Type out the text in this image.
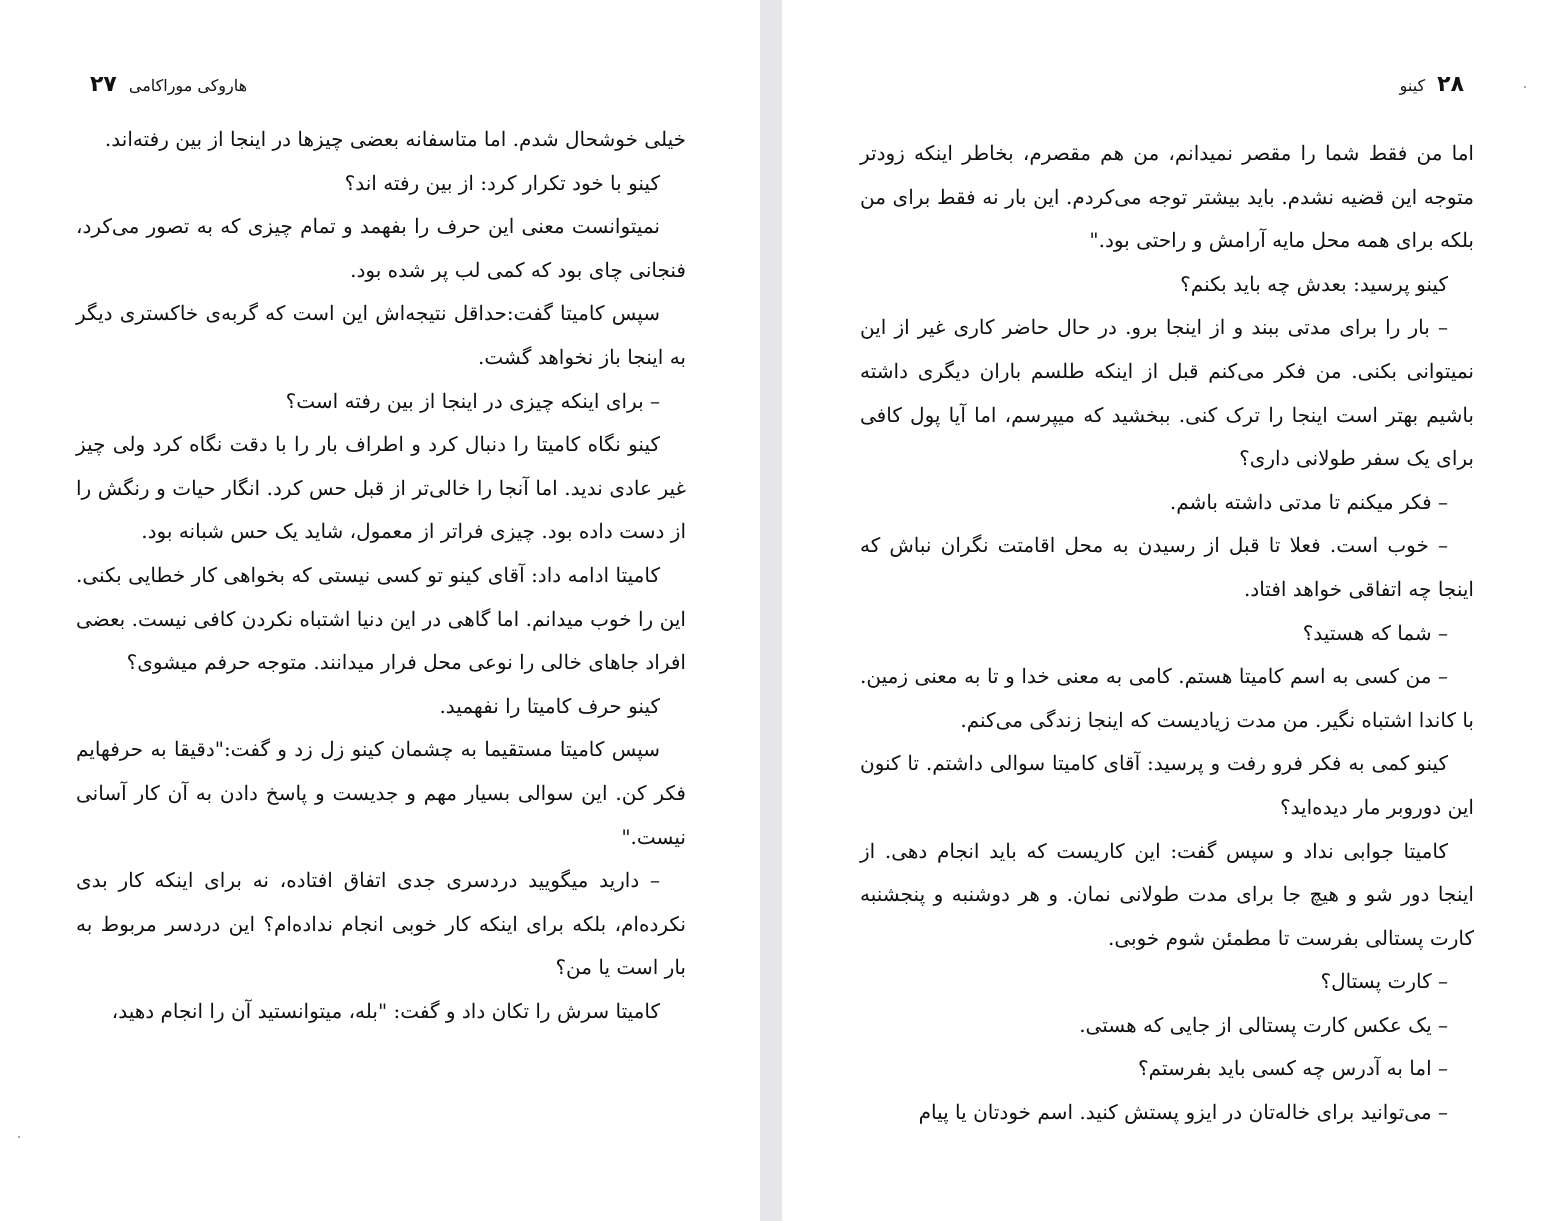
هاروکی موراکامی
۲۷

خیلی خوشحال شدم. اما متاسفانه بعضی چیزها در اینجا از بین رفته‌اند.

کینو با خود تکرار کرد: از بین رفته اند؟

نمیتوانست معنی این حرف را بفهمد و تمام چیزی که به تصور می‌کرد، فنجانی چای بود که کمی لب پر شده بود.

سپس کامیتا گفت:حداقل نتیجه‌اش این است که گربه‌ی خاکستری دیگر به اینجا باز نخواهد گشت.

– برای اینکه چیزی در اینجا از بین رفته است؟

کینو نگاه کامیتا را دنبال کرد و اطراف بار را با دقت نگاه کرد ولی چیز غیر عادی ندید. اما آنجا را خالی‌تر از قبل حس کرد. انگار حیات و رنگش را از دست داده بود. چیزی فراتر از معمول، شاید یک حس شبانه بود.

کامیتا ادامه داد: آقای کینو تو کسی نیستی که بخواهی کار خطایی بکنی. این را خوب میدانم. اما گاهی در این دنیا اشتباه نکردن کافی نیست. بعضی افراد جاهای خالی را نوعی محل فرار میدانند. متوجه حرفم میشوی؟

کینو حرف کامیتا را نفهمید.

سپس کامیتا مستقیما به چشمان کینو زل زد و گفت:"دقیقا به حرفهایم فکر کن. این سوالی بسیار مهم و جدیست و پاسخ دادن به آن کار آسانی نیست."

– دارید میگویید دردسری جدی اتفاق افتاده، نه برای اینکه کار بدی نکرده‌ام، بلکه برای اینکه کار خوبی انجام نداده‌ام؟ این دردسر مربوط به بار است یا من؟

کامیتا سرش را تکان داد و گفت: "بله، میتوانستید آن را انجام دهید،

۲۸
کینو

اما من فقط شما را مقصر نمیدانم، من هم مقصرم، بخاطر اینکه زودتر متوجه این قضیه نشدم. باید بیشتر توجه می‌کردم. این بار نه فقط برای من بلکه برای همه محل مایه آرامش و راحتی بود."

کینو پرسید: بعدش چه باید بکنم؟

– بار را برای مدتی ببند و از اینجا برو. در حال حاضر کاری غیر از این نمیتوانی بکنی. من فکر می‌کنم قبل از اینکه طلسم باران دیگری داشته باشیم بهتر است اینجا را ترک کنی. ببخشید که میپرسم، اما آیا پول کافی برای یک سفر طولانی داری؟

– فکر میکنم تا مدتی داشته باشم.

– خوب است. فعلا تا قبل از رسیدن به محل اقامتت نگران نباش که اینجا چه اتفاقی خواهد افتاد.

– شما که هستید؟

– من کسی به اسم کامیتا هستم. کامی به معنی خدا و تا به معنی زمین. با کاندا اشتباه نگیر. من مدت زیادیست که اینجا زندگی می‌کنم.

کینو کمی به فکر فرو رفت و پرسید: آقای کامیتا سوالی داشتم. تا کنون این دوروبر مار دیده‌اید؟

کامیتا جوابی نداد و سپس گفت: این کاریست که باید انجام دهی. از اینجا دور شو و هیچ جا برای مدت طولانی نمان. و هر دوشنبه و پنجشنبه کارت پستالی بفرست تا مطمئن شوم خوبی.

– کارت پستال؟

– یک عکس کارت پستالی از جایی که هستی.

– اما به آدرس چه کسی باید بفرستم؟

– می‌توانید برای خاله‌تان در ایزو پستش کنید. اسم خودتان یا پیام
